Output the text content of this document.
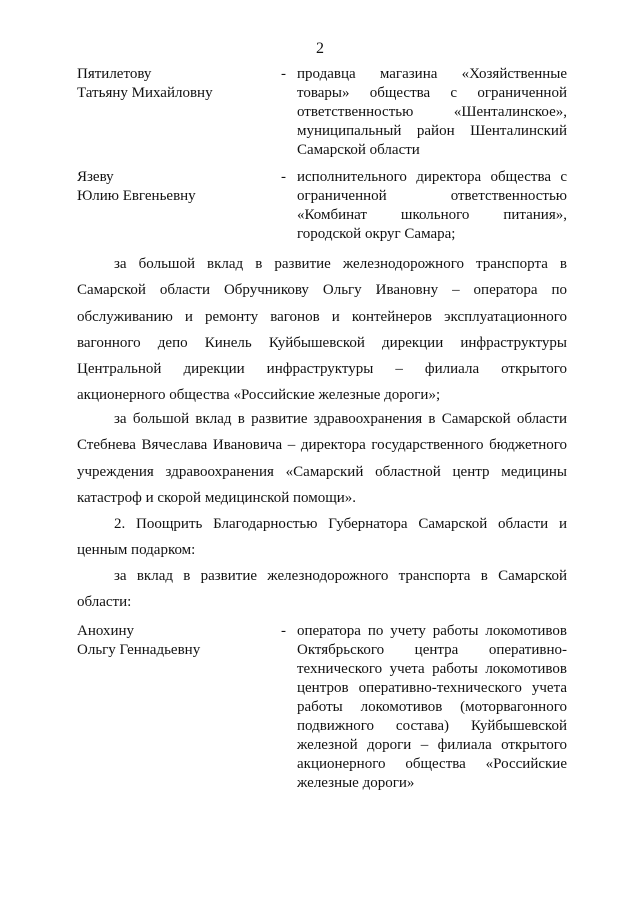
2
Пятилетову
Татьяну Михайловну
- продавца магазина «Хозяйственные товары» общества с ограниченной ответственностью «Шенталинское», муниципальный район Шенталинский Самарской области
Язеву
Юлию Евгеньевну
- исполнительного директора общества с ограниченной ответственностью «Комбинат школьного питания», городской округ Самара;

за большой вклад в развитие железнодорожного транспорта в Самарской области Обручникову Ольгу Ивановну – оператора по обслуживанию и ремонту вагонов и контейнеров эксплуатационного вагонного депо Кинель Куйбышевской дирекции инфраструктуры Центральной дирекции инфраструктуры – филиала открытого акционерного общества «Российские железные дороги»;

за большой вклад в развитие здравоохранения в Самарской области Стебнева Вячеслава Ивановича – директора государственного бюджетного учреждения здравоохранения «Самарский областной центр медицины катастроф и скорой медицинской помощи».

2. Поощрить Благодарностью Губернатора Самарской области и ценным подарком:

за вклад в развитие железнодорожного транспорта в Самарской области:

Анохину
Ольгу Геннадьевну
- оператора по учету работы локомотивов Октябрьского центра оперативно-технического учета работы локомотивов центров оперативно-технического учета работы локомотивов (моторвагонного подвижного состава) Куйбышевской железной дороги – филиала открытого акционерного общества «Российские железные дороги»
